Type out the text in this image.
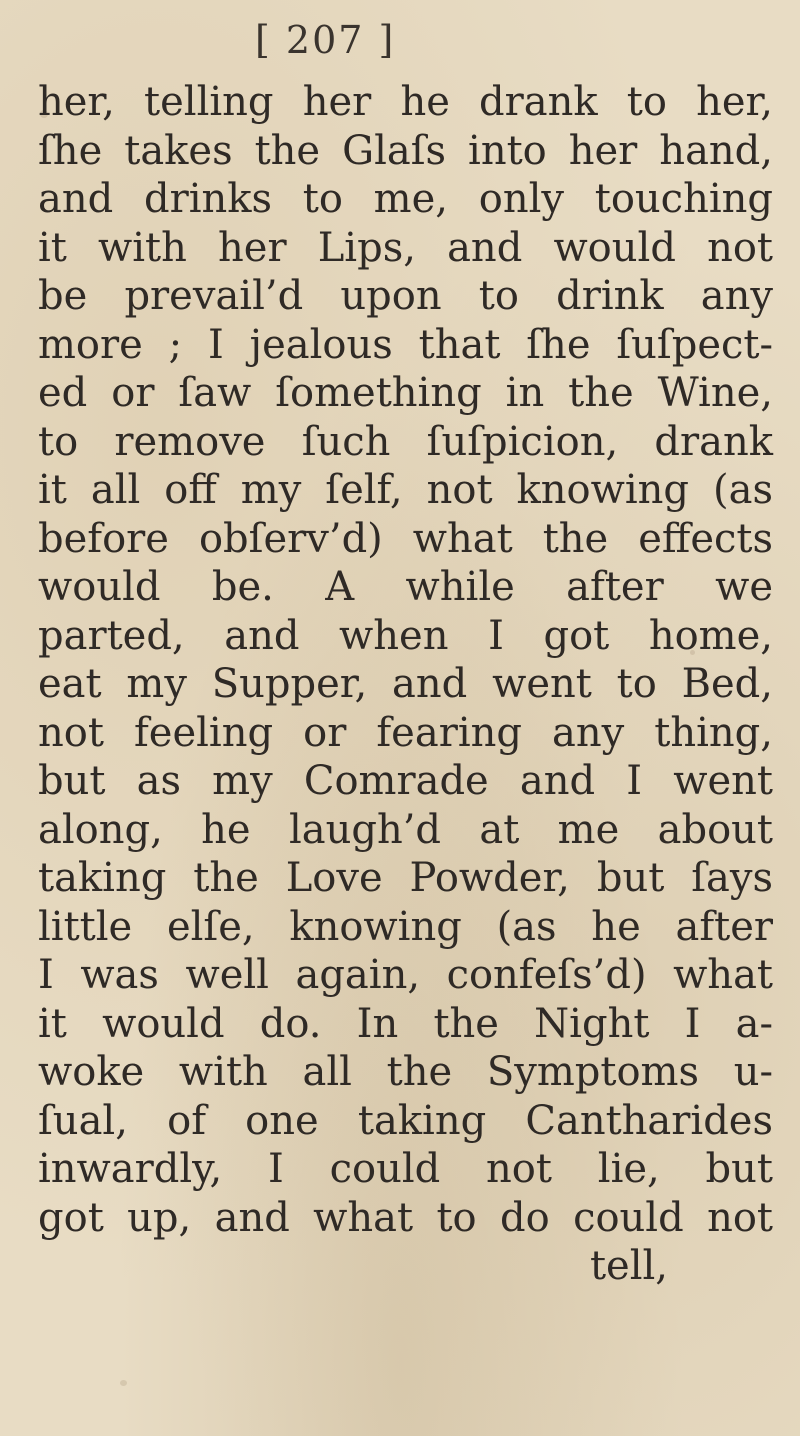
[ 207 ]
her, telling her he drank to her,
ſhe takes the Glaſs into her hand,
and drinks to me, only touching
it with her Lips, and would not
be prevail’d upon to drink any
more ; I jealous that ſhe ſuſpect-
ed or ſaw ſomething in the Wine,
to remove ſuch ſuſpicion, drank
it all off my ſelf, not knowing (as
before obſerv’d) what the effects
would be. A while after we
parted, and when I got home,
eat my Supper, and went to Bed,
not feeling or fearing any thing,
but as my Comrade and I went
along, he laugh’d at me about
taking the Love Powder, but ſays
little elſe, knowing (as he after
I was well again, confeſs’d) what
it would do. In the Night I a-
woke with all the Symptoms u-
ſual, of one taking Cantharides
inwardly, I could not lie, but
got up, and what to do could not
tell,
